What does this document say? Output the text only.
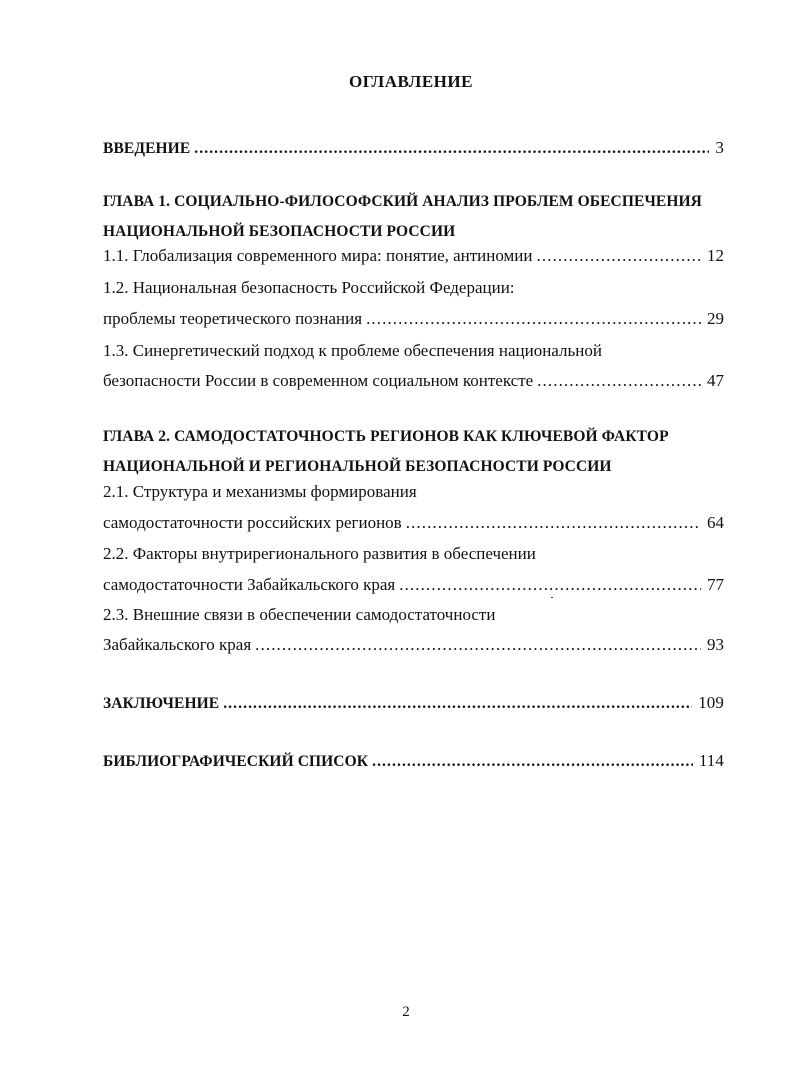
ОГЛАВЛЕНИЕ
ВВЕДЕНИЕ .....	3
ГЛАВА 1. СОЦИАЛЬНО-ФИЛОСОФСКИЙ АНАЛИЗ ПРОБЛЕМ ОБЕСПЕЧЕНИЯ
НАЦИОНАЛЬНОЙ БЕЗОПАСНОСТИ РОССИИ
1.1. Глобализация современного мира: понятие, антиномии .....	12
1.2. Национальная безопасность Российской Федерации:
проблемы теоретического познания .....	29
1.3. Синергетический подход к проблеме обеспечения национальной
безопасности России в современном социальном контексте .....	47
ГЛАВА 2. САМОДОСТАТОЧНОСТЬ РЕГИОНОВ КАК КЛЮЧЕВОЙ ФАКТОР
НАЦИОНАЛЬНОЙ И РЕГИОНАЛЬНОЙ БЕЗОПАСНОСТИ РОССИИ
2.1. Структура и механизмы формирования
самодостаточности российских регионов .....	64
2.2. Факторы внутрирегионального развития в обеспечении
самодостаточности Забайкальского края .....	77
2.3. Внешние связи в обеспечении самодостаточности
Забайкальского края .....	93
ЗАКЛЮЧЕНИЕ .....	109
БИБЛИОГРАФИЧЕСКИЙ СПИСОК .....	114
2
